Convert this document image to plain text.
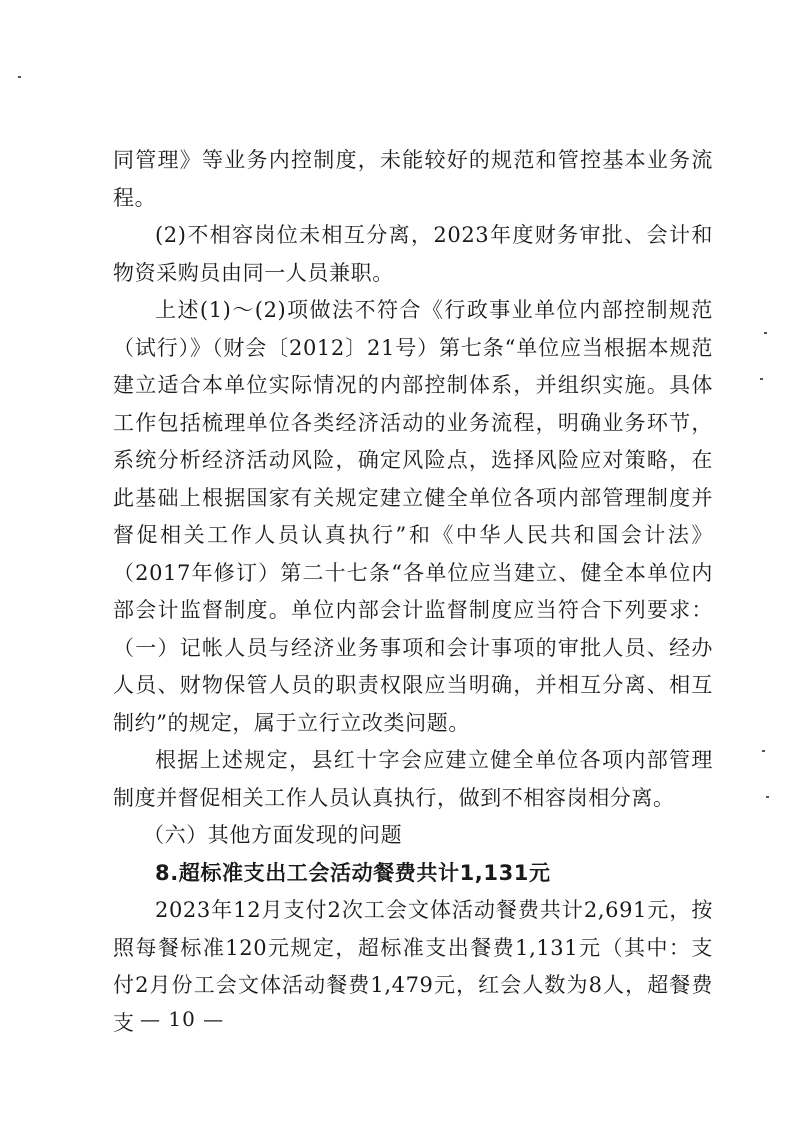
同管理》等业务内控制度，未能较好的规范和管控基本业务流程。

(2)不相容岗位未相互分离，2023年度财务审批、会计和物资采购员由同一人员兼职。

上述(1)～(2)项做法不符合《行政事业单位内部控制规范（试行）》（财会〔2012〕21号）第七条“单位应当根据本规范建立适合本单位实际情况的内部控制体系，并组织实施。具体工作包括梳理单位各类经济活动的业务流程，明确业务环节，系统分析经济活动风险，确定风险点，选择风险应对策略，在此基础上根据国家有关规定建立健全单位各项内部管理制度并督促相关工作人员认真执行”和《中华人民共和国会计法》（2017年修订）第二十七条“各单位应当建立、健全本单位内部会计监督制度。单位内部会计监督制度应当符合下列要求：（一）记帐人员与经济业务事项和会计事项的审批人员、经办人员、财物保管人员的职责权限应当明确，并相互分离、相互制约”的规定，属于立行立改类问题。

根据上述规定，县红十字会应建立健全单位各项内部管理制度并督促相关工作人员认真执行，做到不相容岗相分离。

（六）其他方面发现的问题

8.超标准支出工会活动餐费共计1,131元

2023年12月支付2次工会文体活动餐费共计2,691元，按照每餐标准120元规定，超标准支出餐费1,131元（其中：支付2月份工会文体活动餐费1,479元，红会人数为8人，超餐费支 — 10 —
